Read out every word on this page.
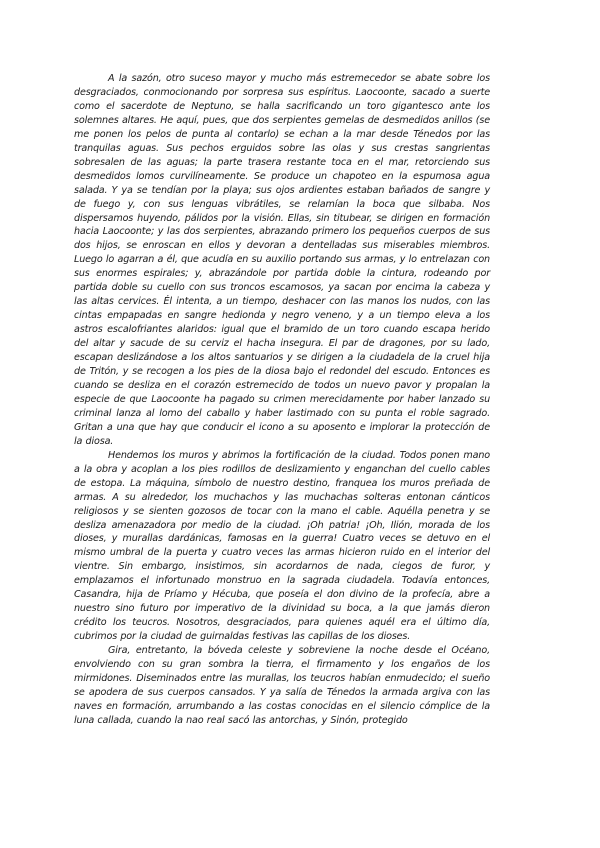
A la sazón, otro suceso mayor y mucho más estremecedor se abate sobre los desgraciados, conmocionando por sorpresa sus espíritus. Laocoonte, sacado a suerte como el sacerdote de Neptuno, se halla sacrificando un toro gigantesco ante los solemnes altares. He aquí, pues, que dos serpientes gemelas de desmedidos anillos (se me ponen los pelos de punta al contarlo) se echan a la mar desde Ténedos por las tranquilas aguas. Sus pechos erguidos sobre las olas y sus crestas sangrientas sobresalen de las aguas; la parte trasera restante toca en el mar, retorciendo sus desmedidos lomos curvilíneamente. Se produce un chapoteo en la espumosa agua salada. Y ya se tendían por la playa; sus ojos ardientes estaban bañados de sangre y de fuego y, con sus lenguas vibrátiles, se relamían la boca que silbaba. Nos dispersamos huyendo, pálidos por la visión. Ellas, sin titubear, se dirigen en formación hacia Laocoonte; y las dos serpientes, abrazando primero los pequeños cuerpos de sus dos hijos, se enroscan en ellos y devoran a dentelladas sus miserables miembros. Luego lo agarran a él, que acudía en su auxilio portando sus armas, y lo entrelazan con sus enormes espirales; y, abrazándole por partida doble la cintura, rodeando por partida doble su cuello con sus troncos escamosos, ya sacan por encima la cabeza y las altas cervices. Él intenta, a un tiempo, deshacer con las manos los nudos, con las cintas empapadas en sangre hedionda y negro veneno, y a un tiempo eleva a los astros escalofriantes alaridos: igual que el bramido de un toro cuando escapa herido del altar y sacude de su cerviz el hacha insegura. El par de dragones, por su lado, escapan deslizándose a los altos santuarios y se dirigen a la ciudadela de la cruel hija de Tritón, y se recogen a los pies de la diosa bajo el redondel del escudo. Entonces es cuando se desliza en el corazón estremecido de todos un nuevo pavor y propalan la especie de que Laocoonte ha pagado su crimen merecidamente por haber lanzado su criminal lanza al lomo del caballo y haber lastimado con su punta el roble sagrado. Gritan a una que hay que conducir el icono a su aposento e implorar la protección de la diosa.

Hendemos los muros y abrimos la fortificación de la ciudad. Todos ponen mano a la obra y acoplan a los pies rodillos de deslizamiento y enganchan del cuello cables de estopa. La máquina, símbolo de nuestro destino, franquea los muros preñada de armas. A su alrededor, los muchachos y las muchachas solteras entonan cánticos religiosos y se sienten gozosos de tocar con la mano el cable. Aquélla penetra y se desliza amenazadora por medio de la ciudad. ¡Oh patria! ¡Oh, Ilión, morada de los dioses, y murallas dardánicas, famosas en la guerra! Cuatro veces se detuvo en el mismo umbral de la puerta y cuatro veces las armas hicieron ruido en el interior del vientre. Sin embargo, insistimos, sin acordarnos de nada, ciegos de furor, y emplazamos el infortunado monstruo en la sagrada ciudadela. Todavía entonces, Casandra, hija de Príamo y Hécuba, que poseía el don divino de la profecía, abre a nuestro sino futuro por imperativo de la divinidad su boca, a la que jamás dieron crédito los teucros. Nosotros, desgraciados, para quienes aquél era el último día, cubrimos por la ciudad de guirnaldas festivas las capillas de los dioses.

Gira, entretanto, la bóveda celeste y sobreviene la noche desde el Océano, envolviendo con su gran sombra la tierra, el firmamento y los engaños de los mirmidones. Diseminados entre las murallas, los teucros habían enmudecido; el sueño se apodera de sus cuerpos cansados. Y ya salía de Ténedos la armada argiva con las naves en formación, arrumbando a las costas conocidas en el silencio cómplice de la luna callada, cuando la nao real sacó las antorchas, y Sinón, protegido
